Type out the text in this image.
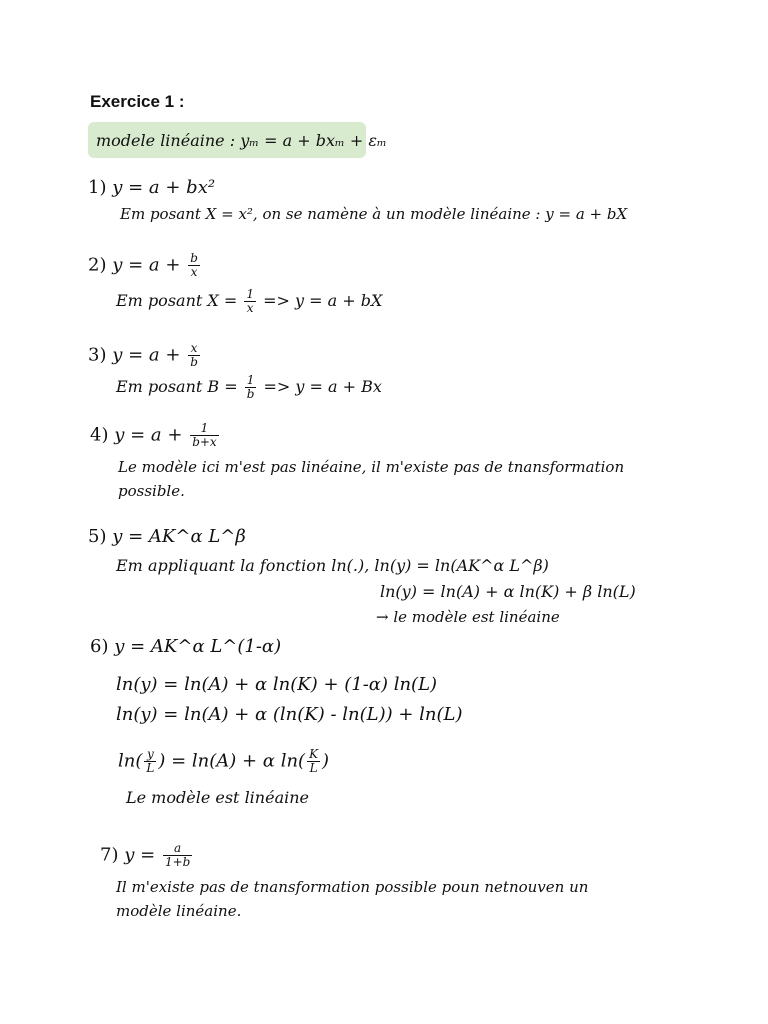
Exercice 1 :
modele linéaine : yₘ = a + bxₘ + εₘ
1) y = a + bx²
Em posant X = x², on se namène à un modèle linéaine : y = a + bX
2) $y = a + \frac{b}{x}$
Em posant $X = \frac{1}{x} => y = a$ + bX
3) $y = a + \frac{x}{b}$
Em posant $B = \frac{1}{b} => y = a + Bx$
4) $y = a + \frac{1}{b+x}$
Le modèle ici m'est pas linéaine, il m'existe pas de tnansformation
possible.
5) y = AK^α L^β
Em appliquant la fonction ln(.), ln(y) = ln(AK^α L^β)
ln(y) = ln(A) + α ln(K) + β ln(L)
→ le modèle est linéaine
6) y = AK^α L^(1-α)
ln(y) = ln(A) + α ln(K) + (1-α) ln(L)
ln(y) = ln(A) + α (ln(K) - ln(L)) + ln(L)
$\ln( \frac{y}{L}$ ) = ln(A) + α $\ln( \frac{K}{L}$ )
Le modèle est linéaine
7) $y = \frac{a}{1+b}$
Il m'existe pas de tnansformation possible poun netnouven un
modèle linéaine.
